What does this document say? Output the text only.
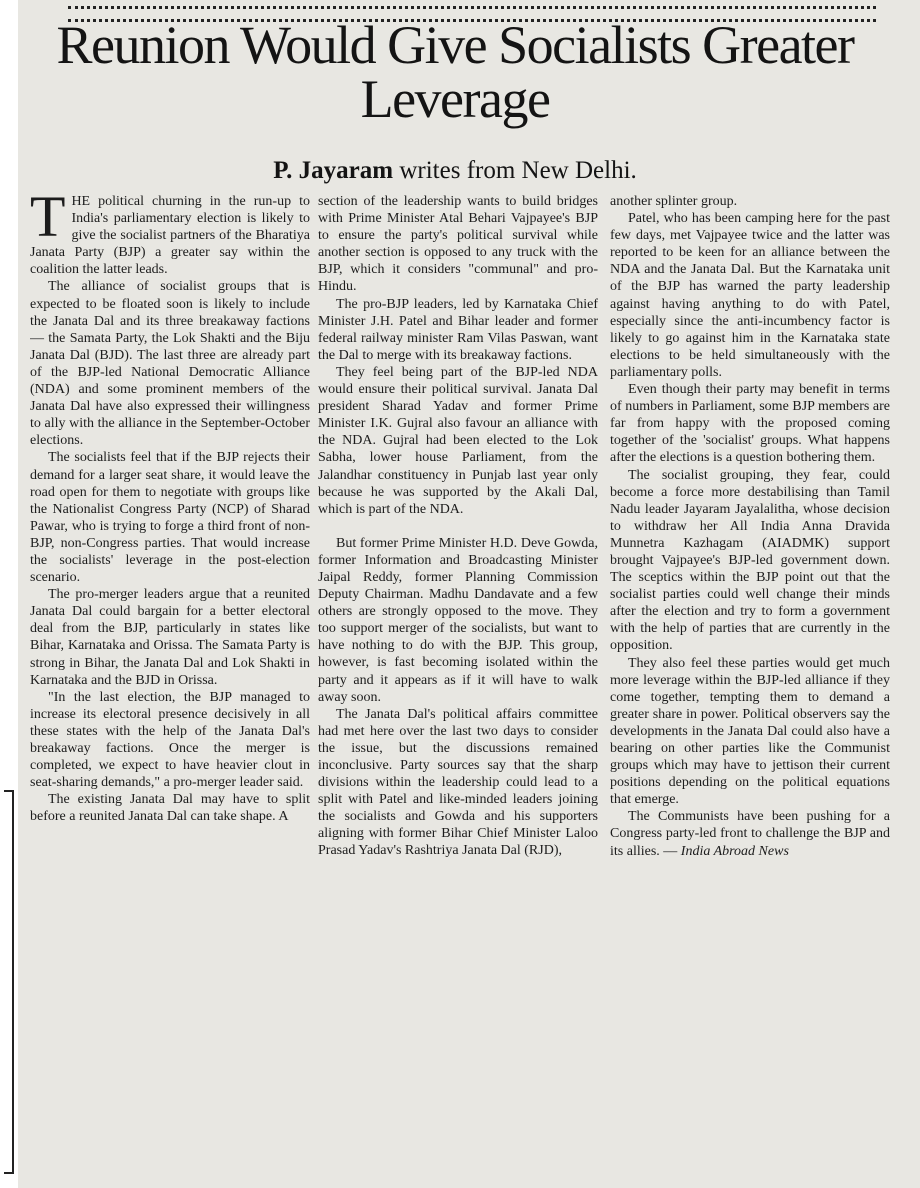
Reunion Would Give Socialists Greater Leverage
P. Jayaram writes from New Delhi.

THE political churning in the run-up to India's parliamentary election is likely to give the socialist partners of the Bharatiya Janata Party (BJP) a greater say within the coalition the latter leads.

The alliance of socialist groups that is expected to be floated soon is likely to include the Janata Dal and its three breakaway factions — the Samata Party, the Lok Shakti and the Biju Janata Dal (BJD). The last three are already part of the BJP-led National Democratic Alliance (NDA) and some prominent members of the Janata Dal have also expressed their willingness to ally with the alliance in the September-October elections.

The socialists feel that if the BJP rejects their demand for a larger seat share, it would leave the road open for them to negotiate with groups like the Nationalist Congress Party (NCP) of Sharad Pawar, who is trying to forge a third front of non-BJP, non-Congress parties. That would increase the socialists' leverage in the post-election scenario.

The pro-merger leaders argue that a reunited Janata Dal could bargain for a better electoral deal from the BJP, particularly in states like Bihar, Karnataka and Orissa. The Samata Party is strong in Bihar, the Janata Dal and Lok Shakti in Karnataka and the BJD in Orissa.

"In the last election, the BJP managed to increase its electoral presence decisively in all these states with the help of the Janata Dal's breakaway factions. Once the merger is completed, we expect to have heavier clout in seat-sharing demands," a pro-merger leader said.

The existing Janata Dal may have to split before a reunited Janata Dal can take shape. A

section of the leadership wants to build bridges with Prime Minister Atal Behari Vajpayee's BJP to ensure the party's political survival while another section is opposed to any truck with the BJP, which it considers "communal" and pro-Hindu.

The pro-BJP leaders, led by Karnataka Chief Minister J.H. Patel and Bihar leader and former federal railway minister Ram Vilas Paswan, want the Dal to merge with its breakaway factions.

They feel being part of the BJP-led NDA would ensure their political survival. Janata Dal president Sharad Yadav and former Prime Minister I.K. Gujral also favour an alliance with the NDA. Gujral had been elected to the Lok Sabha, lower house Parliament, from the Jalandhar constituency in Punjab last year only because he was supported by the Akali Dal, which is part of the NDA.

But former Prime Minister H.D. Deve Gowda, former Information and Broadcasting Minister Jaipal Reddy, former Planning Commission Deputy Chairman. Madhu Dandavate and a few others are strongly opposed to the move. They too support merger of the socialists, but want to have nothing to do with the BJP. This group, however, is fast becoming isolated within the party and it appears as if it will have to walk away soon.

The Janata Dal's political affairs committee had met here over the last two days to consider the issue, but the discussions remained inconclusive. Party sources say that the sharp divisions within the leadership could lead to a split with Patel and like-minded leaders joining the socialists and Gowda and his supporters aligning with former Bihar Chief Minister Laloo Prasad Yadav's Rashtriya Janata Dal (RJD),

another splinter group.

Patel, who has been camping here for the past few days, met Vajpayee twice and the latter was reported to be keen for an alliance between the NDA and the Janata Dal. But the Karnataka unit of the BJP has warned the party leadership against having anything to do with Patel, especially since the anti-incumbency factor is likely to go against him in the Karnataka state elections to be held simultaneously with the parliamentary polls.

Even though their party may benefit in terms of numbers in Parliament, some BJP members are far from happy with the proposed coming together of the 'socialist' groups. What happens after the elections is a question bothering them.

The socialist grouping, they fear, could become a force more destabilising than Tamil Nadu leader Jayaram Jayalalitha, whose decision to withdraw her All India Anna Dravida Munnetra Kazhagam (AIADMK) support brought Vajpayee's BJP-led government down. The sceptics within the BJP point out that the socialist parties could well change their minds after the election and try to form a government with the help of parties that are currently in the opposition.

They also feel these parties would get much more leverage within the BJP-led alliance if they come together, tempting them to demand a greater share in power. Political observers say the developments in the Janata Dal could also have a bearing on other parties like the Communist groups which may have to jettison their current positions depending on the political equations that emerge.

The Communists have been pushing for a Congress party-led front to challenge the BJP and its allies. — India Abroad News
